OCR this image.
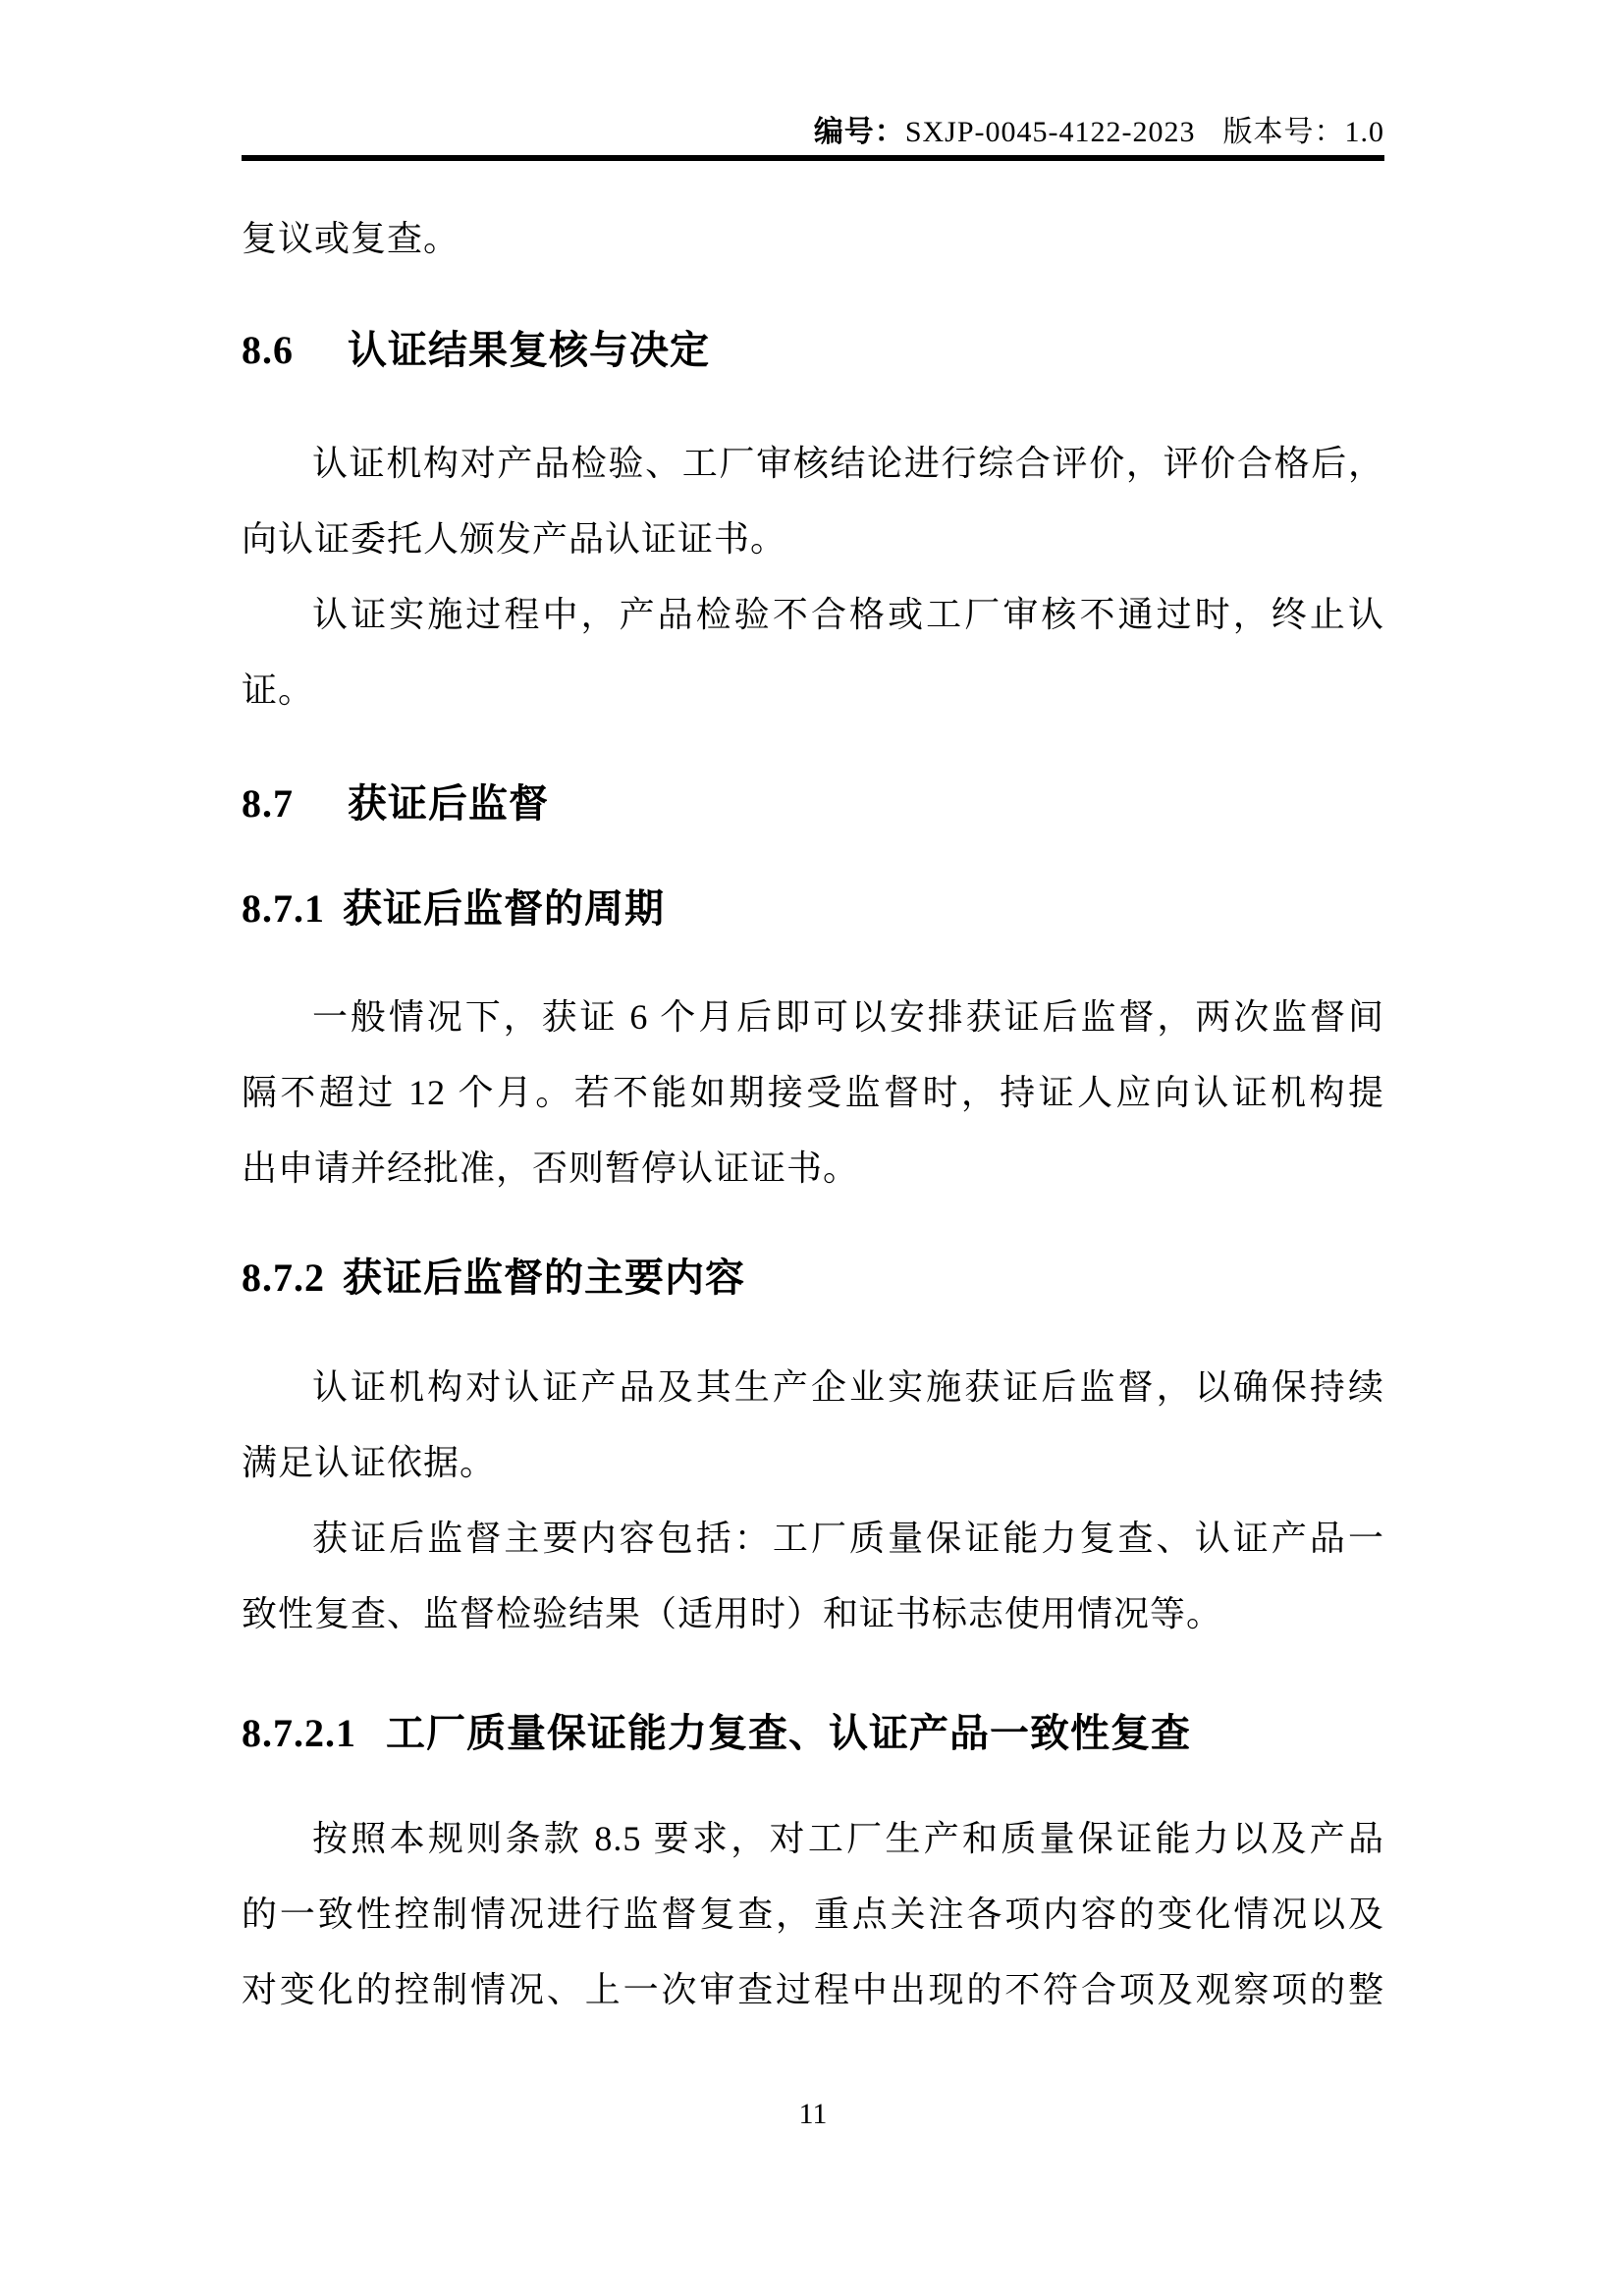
编号：SXJP-0045-4122-2023 版本号：1.0
复议或复查。
8.6 认证结果复核与决定
认证机构对产品检验、工厂审核结论进行综合评价，评价合格后，
向认证委托人颁发产品认证证书。
认证实施过程中，产品检验不合格或工厂审核不通过时，终止认
证。
8.7 获证后监督
8.7.1 获证后监督的周期
一般情况下，获证 6 个月后即可以安排获证后监督，两次监督间
隔不超过 12 个月。若不能如期接受监督时，持证人应向认证机构提
出申请并经批准，否则暂停认证证书。
8.7.2 获证后监督的主要内容
认证机构对认证产品及其生产企业实施获证后监督，以确保持续
满足认证依据。
获证后监督主要内容包括：工厂质量保证能力复查、认证产品一
致性复查、监督检验结果（适用时）和证书标志使用情况等。
8.7.2.1 工厂质量保证能力复查、认证产品一致性复查
按照本规则条款 8.5 要求，对工厂生产和质量保证能力以及产品
的一致性控制情况进行监督复查，重点关注各项内容的变化情况以及
对变化的控制情况、上一次审查过程中出现的不符合项及观察项的整
11
